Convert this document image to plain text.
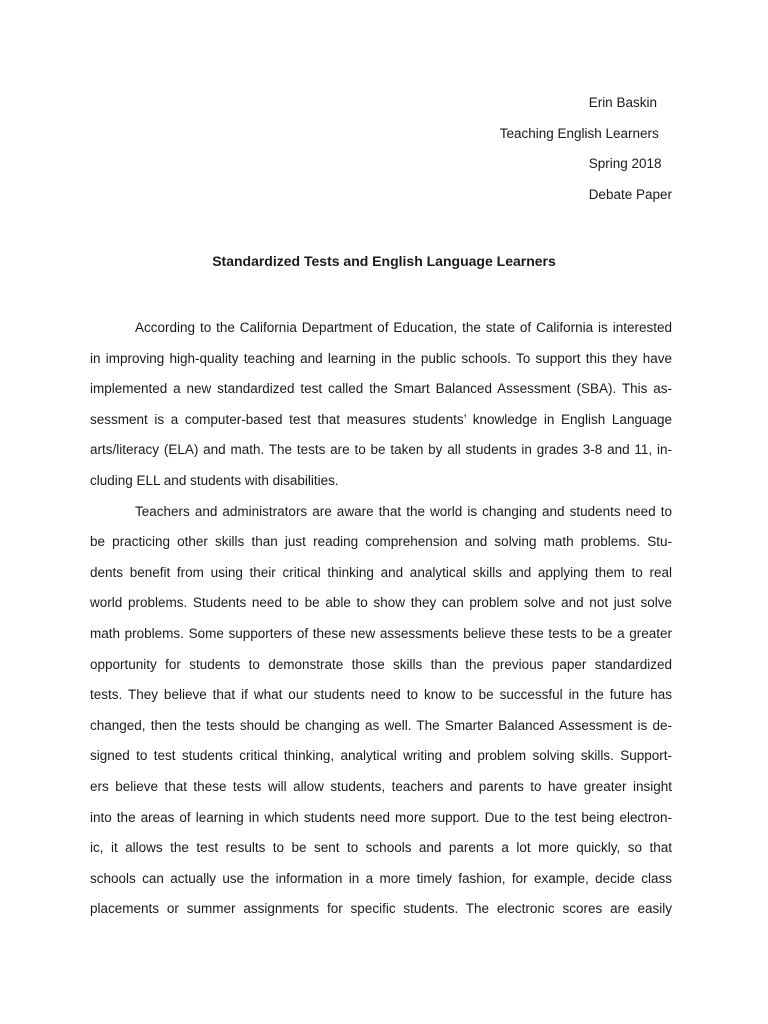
Erin Baskin
Teaching English Learners
Spring 2018
Debate Paper
Standardized Tests and English Language Learners
According to the California Department of Education, the state of California is interested
in improving high-quality teaching and learning in the public schools. To support this they have
implemented a new standardized test called the Smart Balanced Assessment (SBA). This as-
sessment is a computer-based test that measures students’ knowledge in English Language
arts/literacy (ELA) and math. The tests are to be taken by all students in grades 3-8 and 11, in-
cluding ELL and students with disabilities.
Teachers and administrators are aware that the world is changing and students need to
be practicing other skills than just reading comprehension and solving math problems. Stu-
dents benefit from using their critical thinking and analytical skills and applying them to real
world problems. Students need to be able to show they can problem solve and not just solve
math problems. Some supporters of these new assessments believe these tests to be a greater
opportunity for students to demonstrate those skills than the previous paper standardized
tests. They believe that if what our students need to know to be successful in the future has
changed, then the tests should be changing as well. The Smarter Balanced Assessment is de-
signed to test students critical thinking, analytical writing and problem solving skills. Support-
ers believe that these tests will allow students, teachers and parents to have greater insight
into the areas of learning in which students need more support. Due to the test being electron-
ic, it allows the test results to be sent to schools and parents a lot more quickly, so that
schools can actually use the information in a more timely fashion, for example, decide class
placements or summer assignments for specific students. The electronic scores are easily
